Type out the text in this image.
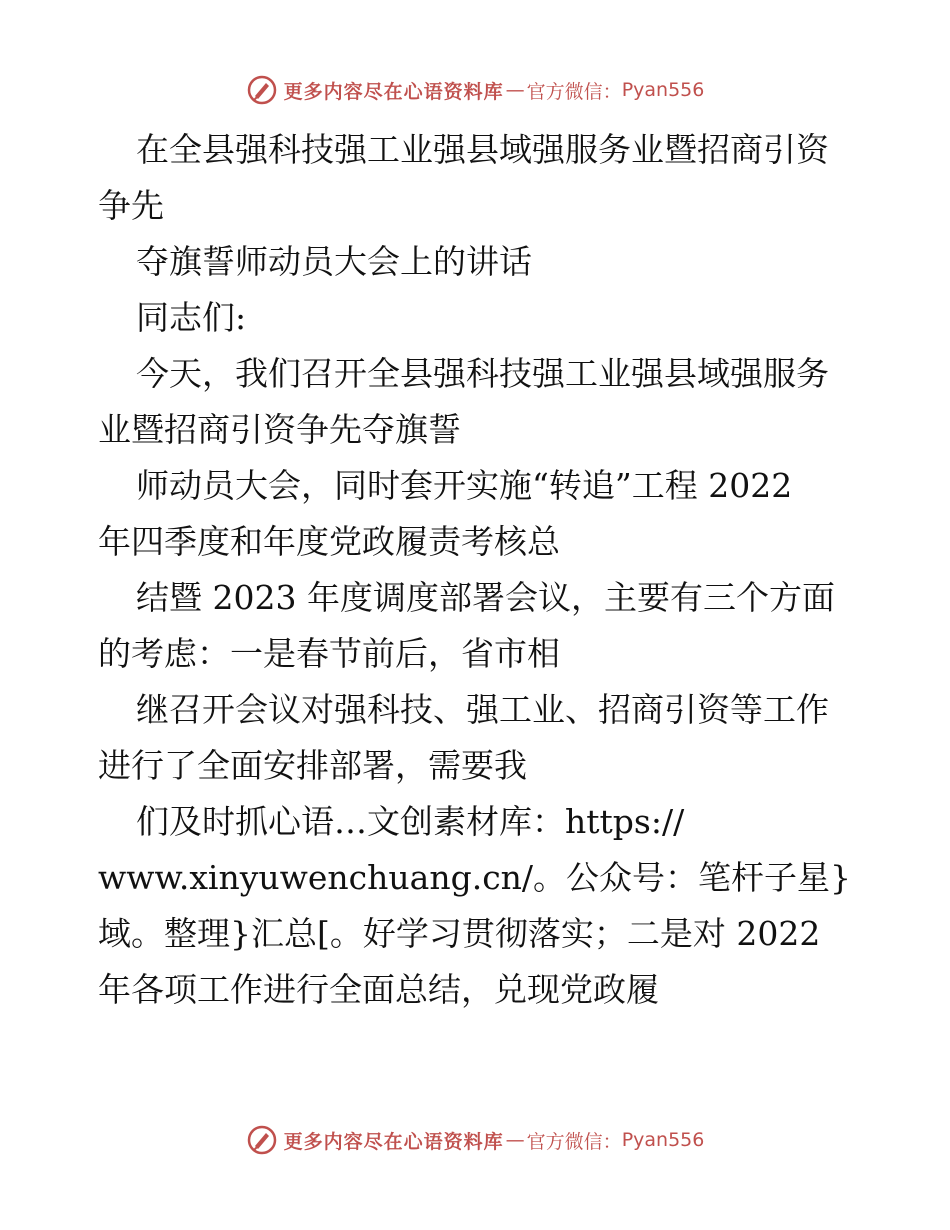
更多内容尽在心语资料库 — 官方微信： Pyan556
在全县强科技强工业强县域强服务业暨招商引资
争先
夺旗誓师动员大会上的讲话
同志们:
今天，我们召开全县强科技强工业强县域强服务
业暨招商引资争先夺旗誓
师动员大会，同时套开实施“转追”工程 2022
年四季度和年度党政履责考核总
结暨 2023 年度调度部署会议，主要有三个方面
的考虑：一是春节前后，省市相
继召开会议对强科技、强工业、招商引资等工作
进行了全面安排部署，需要我
们及时抓心语…文创素材库：https://
www.xinyuwenchuang.cn/。公众号：笔杆子星}
域。整理}汇总[。好学习贯彻落实；二是对 2022
年各项工作进行全面总结，兑现党政履
更多内容尽在心语资料库 — 官方微信： Pyan556
